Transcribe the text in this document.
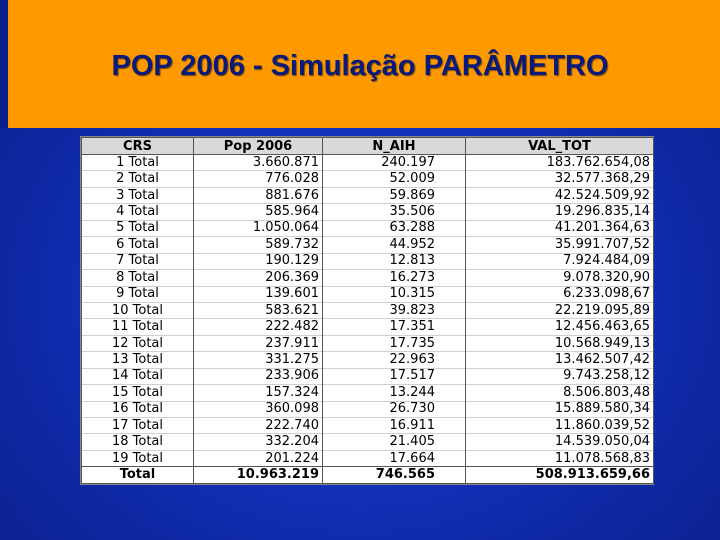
POP 2006 - Simulação PARÂMETRO
CRS	Pop 2006	N_AIH	VAL_TOT
1 Total	3.660.871	240.197	183.762.654,08
2 Total	776.028	52.009	32.577.368,29
3 Total	881.676	59.869	42.524.509,92
4 Total	585.964	35.506	19.296.835,14
5 Total	1.050.064	63.288	41.201.364,63
6 Total	589.732	44.952	35.991.707,52
7 Total	190.129	12.813	7.924.484,09
8 Total	206.369	16.273	9.078.320,90
9 Total	139.601	10.315	6.233.098,67
10 Total	583.621	39.823	22.219.095,89
11 Total	222.482	17.351	12.456.463,65
12 Total	237.911	17.735	10.568.949,13
13 Total	331.275	22.963	13.462.507,42
14 Total	233.906	17.517	9.743.258,12
15 Total	157.324	13.244	8.506.803,48
16 Total	360.098	26.730	15.889.580,34
17 Total	222.740	16.911	11.860.039,52
18 Total	332.204	21.405	14.539.050,04
19 Total	201.224	17.664	11.078.568,83
Total	10.963.219	746.565	508.913.659,66
